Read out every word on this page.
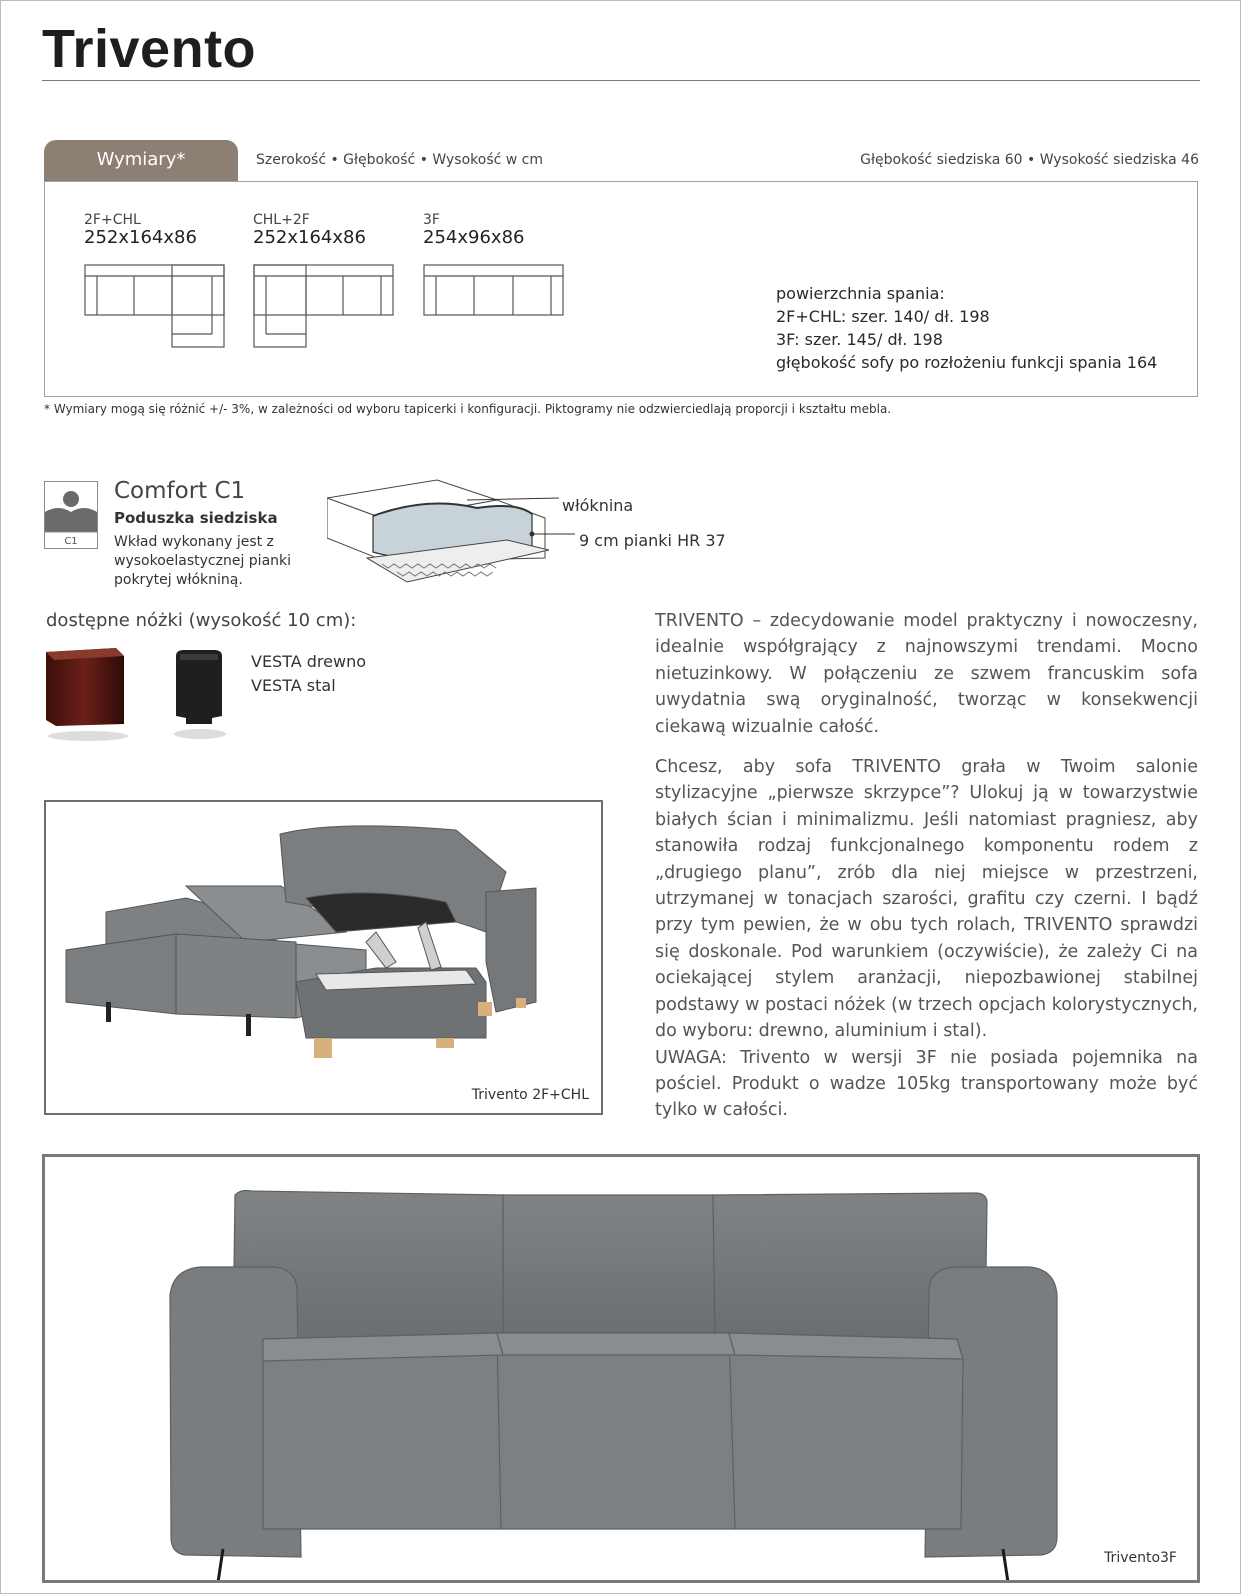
Trivento
Wymiary*	Szerokość • Głębokość • Wysokość w cm	Głębokość siedziska 60 • Wysokość siedziska 46
2F+CHL
252x164x86
CHL+2F
252x164x86
3F
254x96x86
powierzchnia spania:
2F+CHL: szer. 140/ dł. 198
3F: szer. 145/ dł. 198
głębokość sofy po rozłożeniu funkcji spania 164
* Wymiary mogą się różnić +/- 3%, w zależności od wyboru tapicerki i konfiguracji. Piktogramy nie odzwierciedlają proporcji i kształtu mebla.
C1
Comfort C1
Poduszka siedziska
Wkład wykonany jest z wysokoelastycznej pianki pokrytej włókniną.
włóknina
9 cm pianki HR 37
dostępne nóżki (wysokość 10 cm):
VESTA drewno
VESTA stal
Trivento 2F+CHL

TRIVENTO – zdecydowanie model praktyczny i nowoczesny, idealnie współgrający z najnowszymi trendami. Mocno nietuzinkowy. W połączeniu ze szwem francuskim sofa uwydatnia swą oryginalność, tworząc w konsekwencji ciekawą wizualnie całość.

Chcesz, aby sofa TRIVENTO grała w Twoim salonie stylizacyjne „pierwsze skrzypce”? Ulokuj ją w towarzystwie białych ścian i minimalizmu. Jeśli natomiast pragniesz, aby stanowiła rodzaj funkcjonalnego komponentu rodem z „drugiego planu”, zrób dla niej miejsce w przestrzeni, utrzymanej w tonacjach szarości, grafitu czy czerni. I bądź przy tym pewien, że w obu tych rolach, TRIVENTO sprawdzi się doskonale. Pod warunkiem (oczywiście), że zależy Ci na ociekającej stylem aranżacji, niepozbawionej stabilnej podstawy w postaci nóżek (w trzech opcjach kolorystycznych, do wyboru: drewno, aluminium i stal).

UWAGA: Trivento w wersji 3F nie posiada pojemnika na pościel. Produkt o wadze 105kg transportowany może być tylko w całości.

Trivento3F
